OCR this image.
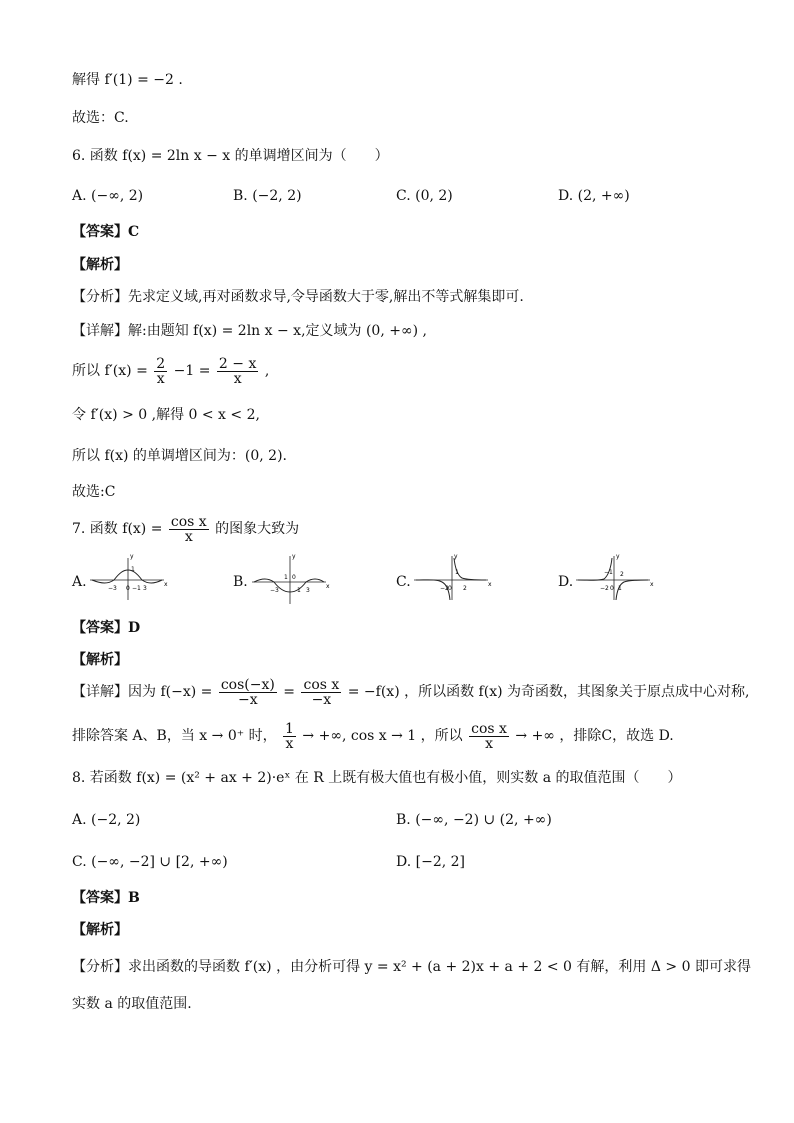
解得 f′(1) = −2 .
故选：C.
6. 函数 f(x) = 2ln x − x 的单调增区间为（　　）
A. (−∞, 2)	B. (−2, 2)	C. (0, 2)	D. (2, +∞)
【答案】C
【解析】
【分析】先求定义域,再对函数求导,令导函数大于零,解出不等式解集即可.
【详解】解:由题知 f(x) = 2ln x − x,定义域为 (0, +∞) ,
所以 $f'(x) = \frac{2}{x} -1 = \frac{2 - x}{x}$ ,
令 f′(x) > 0 ,解得 0 < x < 2,
所以 f(x) 的单调增区间为：(0, 2).
故选:C
7. 函数 $f(x) = \frac{\text{cos x}}{x}$ 的图象大致为
A.	B.	C.	D.
y
x
−3 0 −1 3
1
y
x
1 0
−3	1 3
y
x
1
−2 0 2
y
x
−1 2
−2 0 1
【答案】D
【解析】
【详解】因为 $f(-x) = \frac{\cos(-x)}{-x} = \frac{\text{cos x}}{-x} = -f(x)$ ，所以函数 f(x) 为奇函数，其图象关于原点成中心对称,
排除答案 A、B，当 x → 0⁺ 时， $\frac{1}{x}$ → +∞, cos x → 1 ，所以 $\frac{\text{cos x}}{x}$ → +∞ ，排除C，故选 D.
8. 若函数 f(x) = (x² + ax + 2)·eˣ 在 R 上既有极大值也有极小值，则实数 a 的取值范围（　　）
A. (−2, 2)	B. (−∞, −2) ∪ (2, +∞)
C. (−∞, −2] ∪ [2, +∞)	D. [−2, 2]
【答案】B
【解析】
【分析】求出函数的导函数 f′(x) ，由分析可得 y = x² + (a + 2)x + a + 2 < 0 有解，利用 Δ > 0 即可求得
实数 a 的取值范围.
